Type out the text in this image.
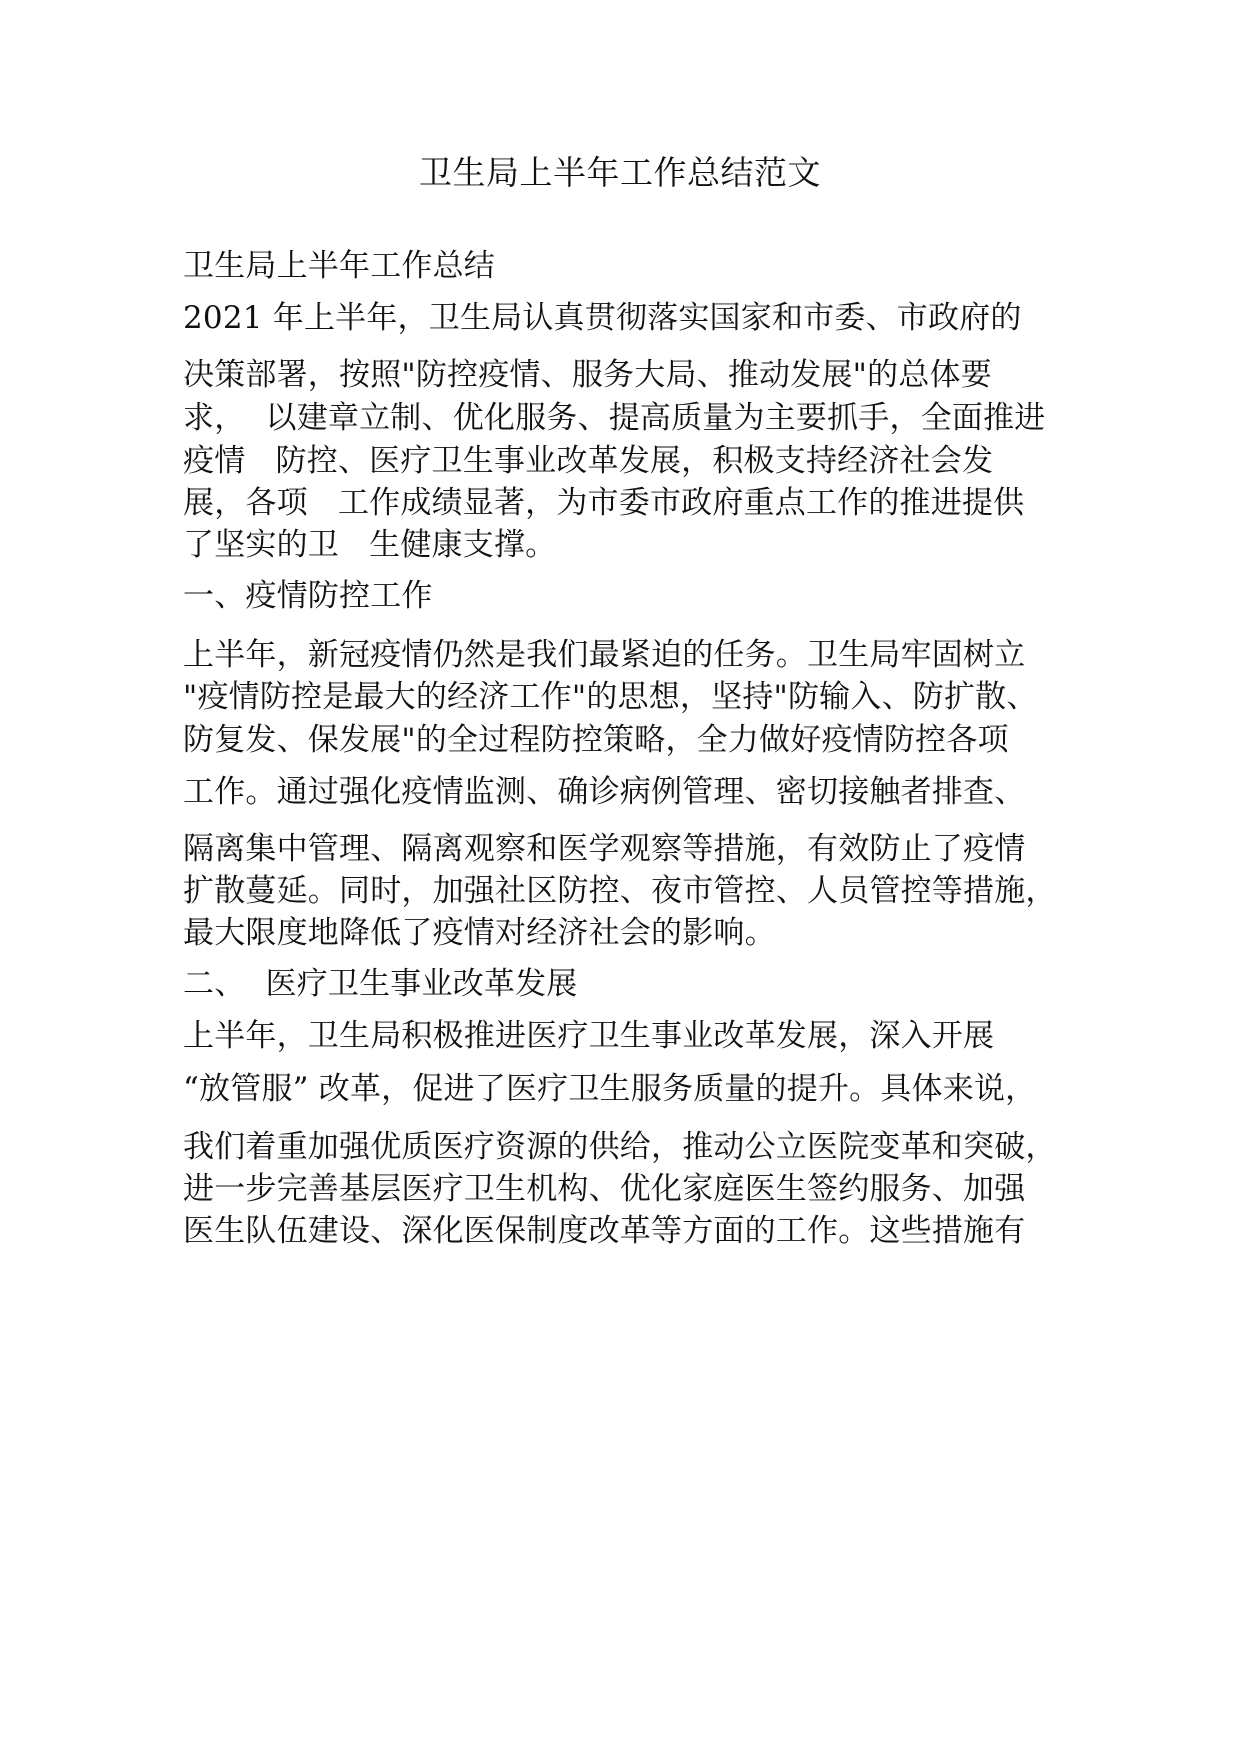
卫生局上半年工作总结范文
卫生局上半年工作总结
2021 年上半年，卫生局认真贯彻落实国家和市委、市政府的
决策部署，按照"防控疫情、服务大局、推动发展"的总体要
求，  以建章立制、优化服务、提高质量为主要抓手，全面推进
疫情   防控、医疗卫生事业改革发展，积极支持经济社会发
展，各项   工作成绩显著，为市委市政府重点工作的推进提供
了坚实的卫   生健康支撑。
一、疫情防控工作
上半年，新冠疫情仍然是我们最紧迫的任务。卫生局牢固树立
"疫情防控是最大的经济工作"的思想，坚持"防输入、防扩散、
防复发、保发展"的全过程防控策略，全力做好疫情防控各项
工作。通过强化疫情监测、确诊病例管理、密切接触者排查、
隔离集中管理、隔离观察和医学观察等措施，有效防止了疫情
扩散蔓延。同时，加强社区防控、夜市管控、人员管控等措施，
最大限度地降低了疫情对经济社会的影响。
二、  医疗卫生事业改革发展
上半年，卫生局积极推进医疗卫生事业改革发展，深入开展
“放管服” 改革，促进了医疗卫生服务质量的提升。具体来说，
我们着重加强优质医疗资源的供给，推动公立医院变革和突破，
进一步完善基层医疗卫生机构、优化家庭医生签约服务、加强
医生队伍建设、深化医保制度改革等方面的工作。这些措施有
